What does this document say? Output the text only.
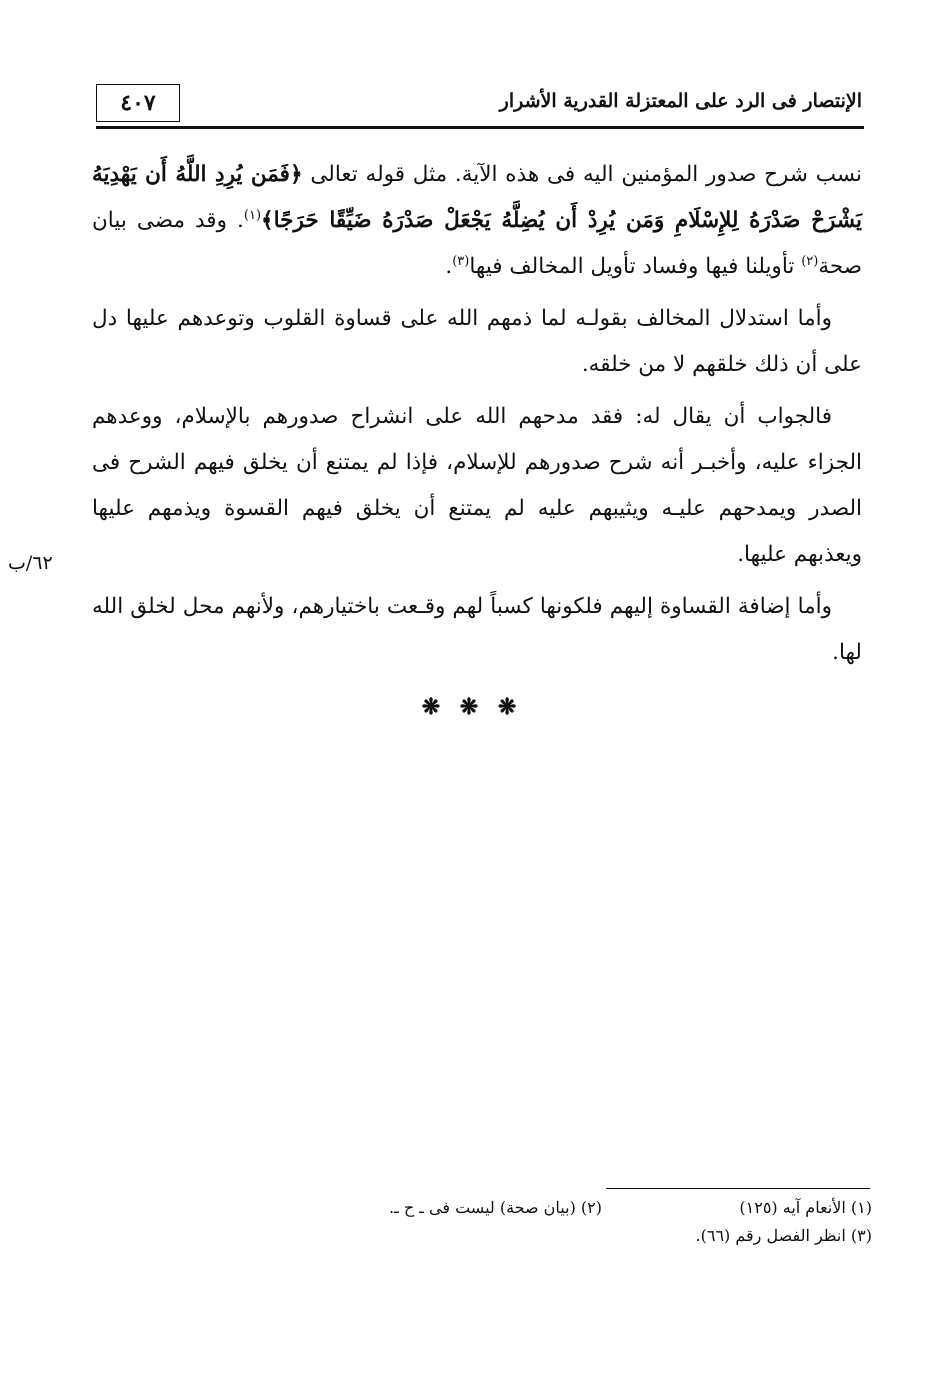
الإنتصار فى الرد على المعتزلة القدرية الأشرار
٤٠٧

نسب شرح صدور المؤمنين اليه فى هذه الآية. مثل قوله تعالى ﴿فَمَن يُرِدِ اللَّهُ أَن يَهْدِيَهُ يَشْرَحْ صَدْرَهُ لِلإِسْلَامِ وَمَن يُرِدْ أَن يُضِلَّهُ يَجْعَلْ صَدْرَهُ ضَيِّقًا حَرَجًا﴾$^{(١)}$. وقد مضى بيان صحة$^{(٢)}$ تأويلنا فيها وفساد تأويل المخالف فيها$^{(٣)}$.

وأما استدلال المخالف بقولـه لما ذمهم الله على قساوة القلوب وتوعدهم عليها دل على أن ذلك خلقهم لا من خلقه.

فالجواب أن يقال له: فقد مدحهم الله على انشراح صدورهم بالإسلام، ووعدهم الجزاء عليه، وأخبـر أنه شرح صدورهم للإسلام، فإذا لم يمتنع أن يخلق فيهم الشرح فى الصدر ويمدحهم عليـه ويثيبهم عليه لم يمتنع أن يخلق فيهم القسوة ويذمهم عليها ويعذبهم عليها.

وأما إضافة القساوة إليهم فلكونها كسباً لهم وقـعت باختيارهم، ولأنهم محل لخلق الله لها.

٦٢/ب
❋ ❋ ❋
(١) الأنعام آيه (١٢٥)
(٢) (بيان صحة) ليست فى ـ ح ـ.
(٣) انظر الفصل رقم (٦٦).
